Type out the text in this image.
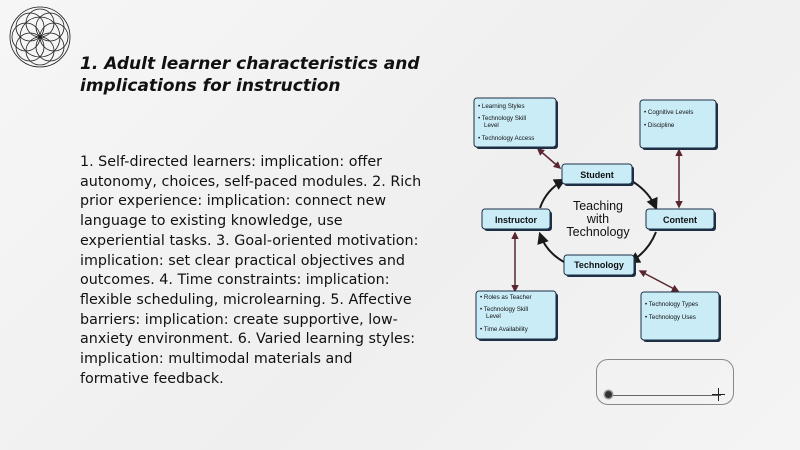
1. Adult learner characteristics and implications for instruction
1. Self-directed learners: implication: offer autonomy, choices, self-paced modules. 2. Rich prior experience: implication: connect new language to existing knowledge, use experiential tasks. 3. Goal-oriented motivation: implication: set clear practical objectives and outcomes. 4. Time constraints: implication: flexible scheduling, microlearning. 5. Affective barriers: implication: create supportive, low-anxiety environment. 6. Varied learning styles: implication: multimodal materials and formative feedback.
• Learning Styles
• Technology Skill
Level
• Technology Access
• Cognitive Levels
• Discipline
• Roles as Teacher
• Technology Skill
Level
• Time Availability
• Technology Types
• Technology Uses
Teaching
with
Technology
Student
Content
Instructor
Technology
